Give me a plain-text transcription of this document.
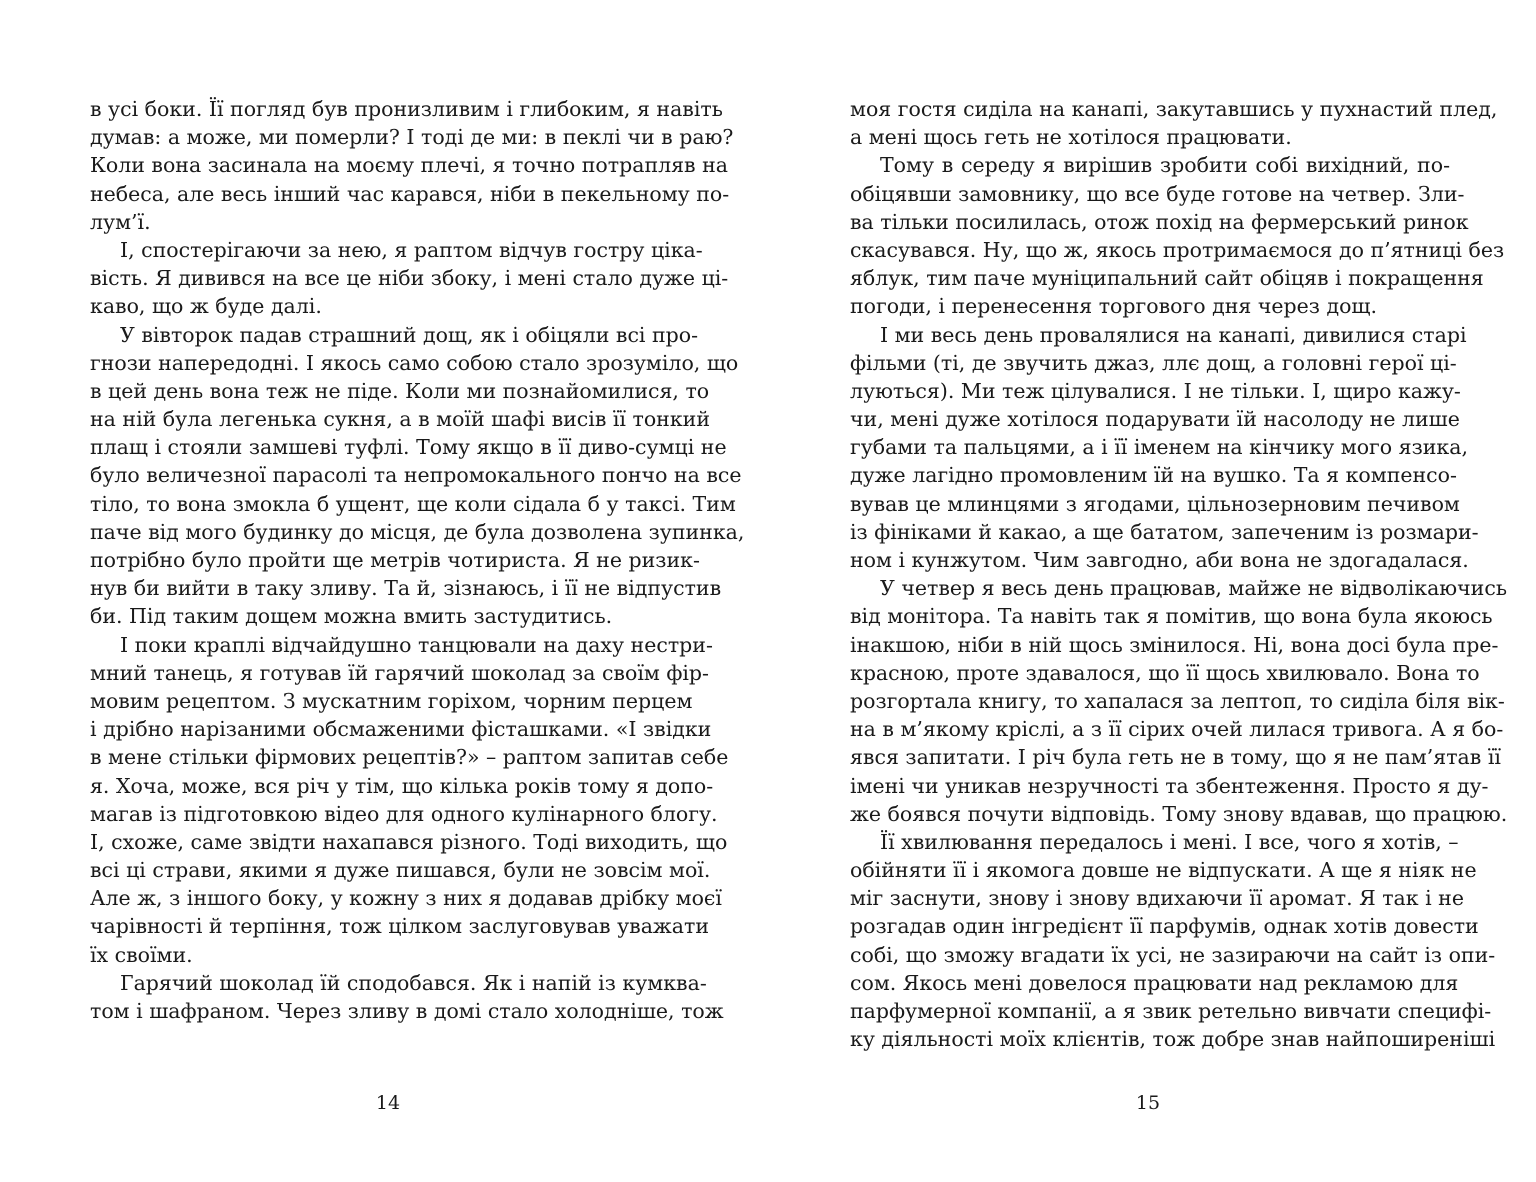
в усі боки. Її погляд був пронизливим і глибоким, я навіть
думав: а може, ми померли? І тоді де ми: в пеклі чи в раю?
Коли вона засинала на моєму плечі, я точно потрапляв на
небеса, але весь інший час карався, ніби в пекельному по-
лум’ї.
І, спостерігаючи за нею, я раптом відчув гостру ціка-
вість. Я дивився на все це ніби збоку, і мені стало дуже ці-
каво, що ж буде далі.
У вівторок падав страшний дощ, як і обіцяли всі про-
гнози напередодні. І якось само собою стало зрозуміло, що
в цей день вона теж не піде. Коли ми познайомилися, то
на ній була легенька сукня, а в моїй шафі висів її тонкий
плащ і стояли замшеві туфлі. Тому якщо в її диво-сумці не
було величезної парасолі та непромокального пончо на все
тіло, то вона змокла б ущент, ще коли сідала б у таксі. Тим
паче від мого будинку до місця, де була дозволена зупинка,
потрібно було пройти ще метрів чотириста. Я не ризик-
нув би вийти в таку зливу. Та й, зізнаюсь, і її не відпустив
би. Під таким дощем можна вмить застудитись.
І поки краплі відчайдушно танцювали на даху нестри-
мний танець, я готував їй гарячий шоколад за своїм фір-
мовим рецептом. З мускатним горіхом, чорним перцем
і дрібно нарізаними обсмаженими фісташками. «І звідки
в мене стільки фірмових рецептів?» – раптом запитав себе
я. Хоча, може, вся річ у тім, що кілька років тому я допо-
магав із підготовкою відео для одного кулінарного блогу.
І, схоже, саме звідти нахапався різного. Тоді виходить, що
всі ці страви, якими я дуже пишався, були не зовсім мої.
Але ж, з іншого боку, у кожну з них я додавав дрібку моєї
чарівності й терпіння, тож цілком заслуговував уважати
їх своїми.
Гарячий шоколад їй сподобався. Як і напій із кумква-
том і шафраном. Через зливу в домі стало холодніше, тож
моя гостя сиділа на канапі, закутавшись у пухнастий плед,
а мені щось геть не хотілося працювати.
Тому в середу я вирішив зробити собі вихідний, по-
обіцявши замовнику, що все буде готове на четвер. Зли-
ва тільки посилилась, отож похід на фермерський ринок
скасувався. Ну, що ж, якось протримаємося до п’ятниці без
яблук, тим паче муніципальний сайт обіцяв і покращення
погоди, і перенесення торгового дня через дощ.
І ми весь день провалялися на канапі, дивилися старі
фільми (ті, де звучить джаз, ллє дощ, а головні герої ці-
луються). Ми теж цілувалися. І не тільки. І, щиро кажу-
чи, мені дуже хотілося подарувати їй насолоду не лише
губами та пальцями, а і її іменем на кінчику мого язика,
дуже лагідно промовленим їй на вушко. Та я компенсо-
вував це млинцями з ягодами, цільнозерновим печивом
із фініками й какао, а ще бататом, запеченим із розмари-
ном і кунжутом. Чим завгодно, аби вона не здогадалася.
У четвер я весь день працював, майже не відволікаючись
від монітора. Та навіть так я помітив, що вона була якоюсь
інакшою, ніби в ній щось змінилося. Ні, вона досі була пре-
красною, проте здавалося, що її щось хвилювало. Вона то
розгортала книгу, то хапалася за лептоп, то сиділа біля вік-
на в м’якому кріслі, а з її сірих очей лилася тривога. А я бо-
явся запитати. І річ була геть не в тому, що я не пам’ятав її
імені чи уникав незручності та збентеження. Просто я ду-
же боявся почути відповідь. Тому знову вдавав, що працюю.
Її хвилювання передалось і мені. І все, чого я хотів, –
обійняти її і якомога довше не відпускати. А ще я ніяк не
міг заснути, знову і знову вдихаючи її аромат. Я так і не
розгадав один інгредієнт її парфумів, однак хотів довести
собі, що зможу вгадати їх усі, не зазираючи на сайт із опи-
сом. Якось мені довелося працювати над рекламою для
парфумерної компанії, а я звик ретельно вивчати специфі-
ку діяльності моїх клієнтів, тож добре знав найпоширеніші
14	15
